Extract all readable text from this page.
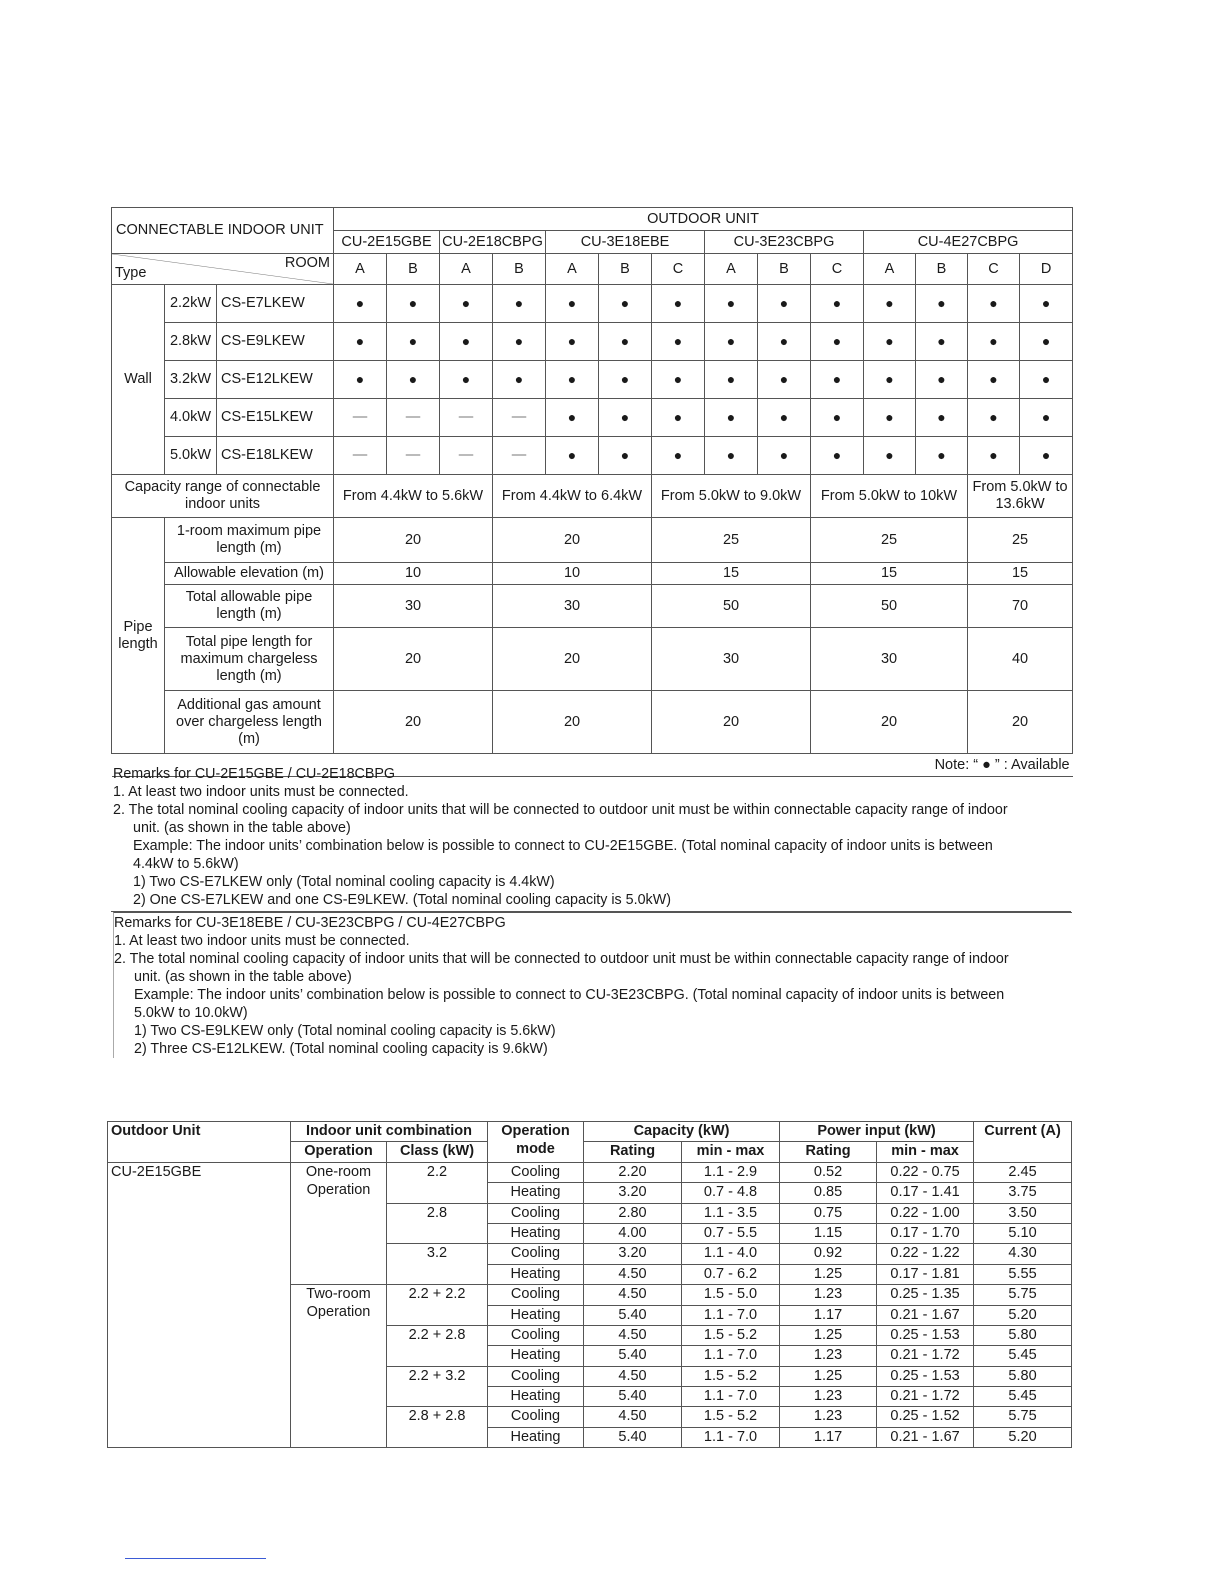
CONNECTABLE INDOOR UNIT			OUTDOOR UNIT													
			CU-2E15GBE		CU-2E18CBPG		CU-3E18EBE			CU-3E23CBPG			CU-4E27CBPG			

ROOM
Type			A	B	A	B	A	B	C	A	B	C	A	B	C	D
Wall	2.2kW	CS-E7LKEW	●	●	●	●	●	●	●	●	●	●	●	●	●	●
	2.8kW	CS-E9LKEW	●	●	●	●	●	●	●	●	●	●	●	●	●	●
	3.2kW	CS-E12LKEW	●	●	●	●	●	●	●	●	●	●	●	●	●	●
	4.0kW	CS-E15LKEW	—	—	—	—	●	●	●	●	●	●	●	●	●	●
	5.0kW	CS-E18LKEW	—	—	—	—	●	●	●	●	●	●	●	●	●	●
Capacity range of connectable indoor units			From 4.4kW to 5.6kW			From 4.4kW to 6.4kW			From 5.0kW to 9.0kW			From 5.0kW to 10kW			From 5.0kW to 13.6kW	
Pipe length	1-room maximum pipe length (m)		20			20			25			25			25	
	Allowable elevation (m)		10			10			15			15			15	
	Total allowable pipe length (m)		30			30			50			50			70	
	Total pipe length for maximum chargeless length (m)		20			20			30			30			40	
	Additional gas amount over chargeless length (m)		20			20			20			20			20	
Note: “ ● ” : Available																
Remarks for CU-2E15GBE / CU-2E18CBPG
1. At least two indoor units must be connected.
2. The total nominal cooling capacity of indoor units that will be connected to outdoor unit must be within connectable capacity range of indoor
unit. (as shown in the table above)
Example: The indoor units’ combination below is possible to connect to CU-2E15GBE. (Total nominal capacity of indoor units is between
4.4kW to 5.6kW)
1) Two CS-E7LKEW only (Total nominal cooling capacity is 4.4kW)
2) One CS-E7LKEW and one CS-E9LKEW. (Total nominal cooling capacity is 5.0kW)
Remarks for CU-3E18EBE / CU-3E23CBPG / CU-4E27CBPG
1. At least two indoor units must be connected.
2. The total nominal cooling capacity of indoor units that will be connected to outdoor unit must be within connectable capacity range of indoor
unit. (as shown in the table above)
Example: The indoor units’ combination below is possible to connect to CU-3E23CBPG. (Total nominal capacity of indoor units is between
5.0kW to 10.0kW)
1) Two CS-E9LKEW only (Total nominal cooling capacity is 5.6kW)
2) Three CS-E12LKEW. (Total nominal cooling capacity is 9.6kW)
Outdoor Unit	Indoor unit combination		Operation mode	Capacity (kW)		Power input (kW)		Current (A)
	Operation	Class (kW)		Rating	min - max	Rating	min - max	
CU-2E15GBE	One-room Operation	2.2	Cooling	2.20	1.1 - 2.9	0.52	0.22 - 0.75	2.45
			Heating	3.20	0.7 - 4.8	0.85	0.17 - 1.41	3.75
		2.8	Cooling	2.80	1.1 - 3.5	0.75	0.22 - 1.00	3.50
			Heating	4.00	0.7 - 5.5	1.15	0.17 - 1.70	5.10
		3.2	Cooling	3.20	1.1 - 4.0	0.92	0.22 - 1.22	4.30
			Heating	4.50	0.7 - 6.2	1.25	0.17 - 1.81	5.55
	Two-room Operation	2.2 + 2.2	Cooling	4.50	1.5 - 5.0	1.23	0.25 - 1.35	5.75
			Heating	5.40	1.1 - 7.0	1.17	0.21 - 1.67	5.20
		2.2 + 2.8	Cooling	4.50	1.5 - 5.2	1.25	0.25 - 1.53	5.80
			Heating	5.40	1.1 - 7.0	1.23	0.21 - 1.72	5.45
		2.2 + 3.2	Cooling	4.50	1.5 - 5.2	1.25	0.25 - 1.53	5.80
			Heating	5.40	1.1 - 7.0	1.23	0.21 - 1.72	5.45
		2.8 + 2.8	Cooling	4.50	1.5 - 5.2	1.23	0.25 - 1.52	5.75
			Heating	5.40	1.1 - 7.0	1.17	0.21 - 1.67	5.20
